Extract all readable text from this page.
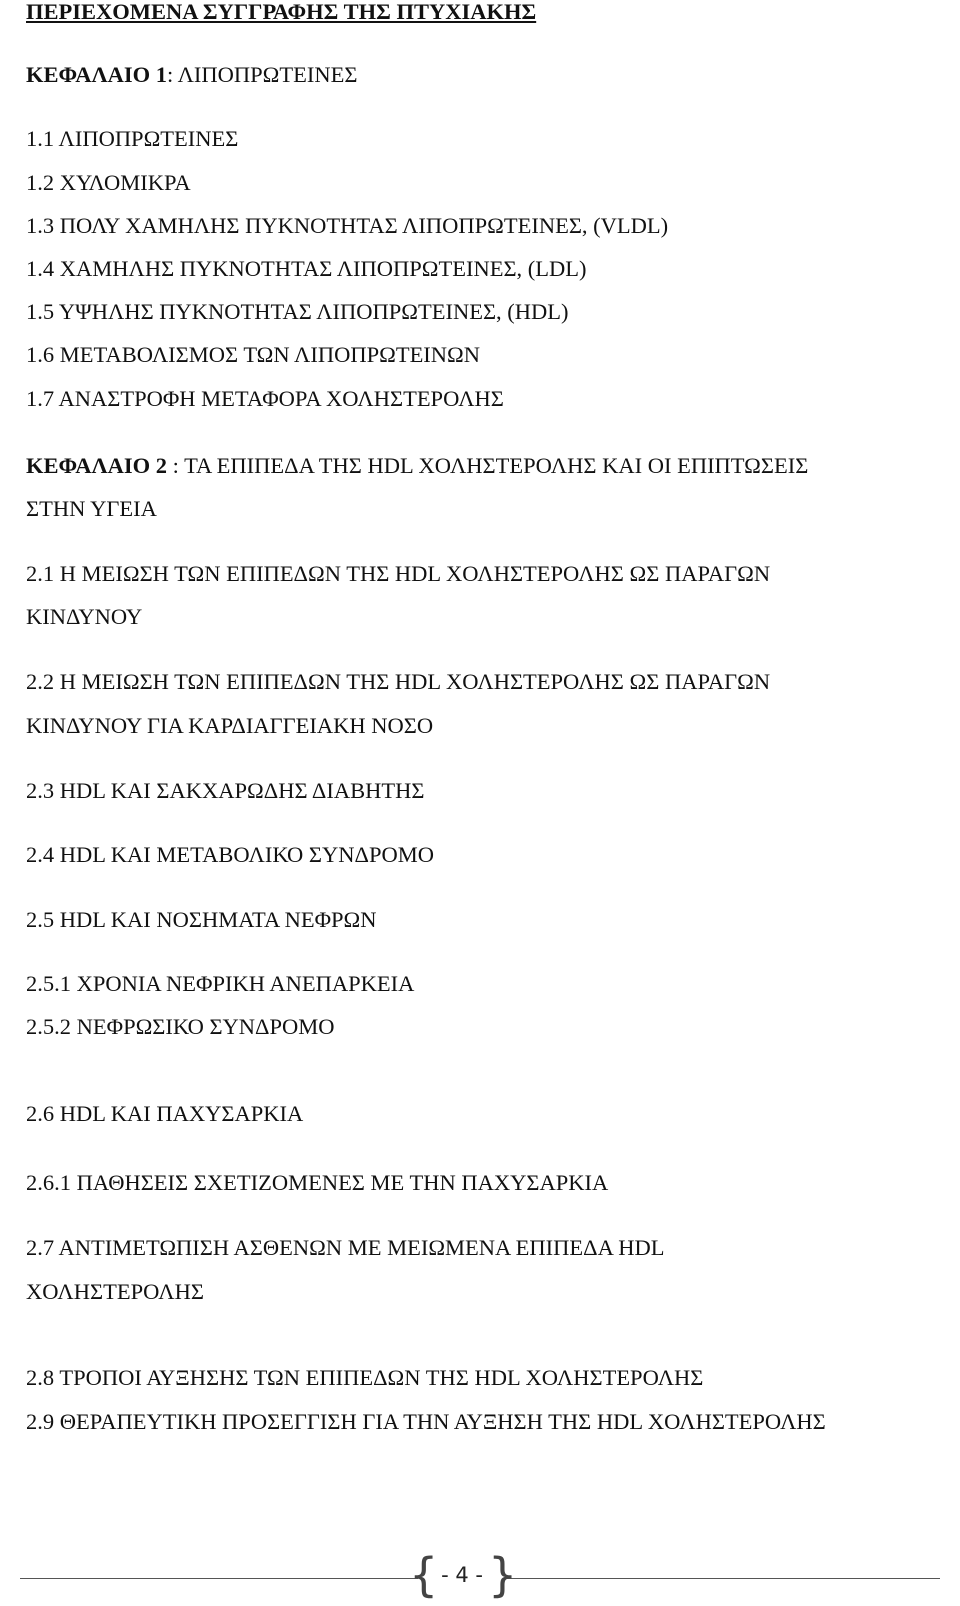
ΠΕΡΙΕΧΟΜΕΝΑ ΣΥΓΓΡΑΦΗΣ ΤΗΣ ΠΤΥΧΙΑΚΗΣ

ΚΕΦΑΛΑΙΟ 1: ΛΙΠΟΠΡΩΤΕΙΝΕΣ

1.1 ΛΙΠΟΠΡΩΤΕΙΝΕΣ

1.2 ΧΥΛΟΜΙΚΡΑ

1.3 ΠΟΛΥ ΧΑΜΗΛΗΣ ΠΥΚΝΟΤΗΤΑΣ ΛΙΠΟΠΡΩΤΕΙΝΕΣ, (VLDL)

1.4 ΧΑΜΗΛΗΣ ΠΥΚΝΟΤΗΤΑΣ ΛΙΠΟΠΡΩΤΕΙΝΕΣ, (LDL)

1.5 ΥΨΗΛΗΣ ΠΥΚΝΟΤΗΤΑΣ ΛΙΠΟΠΡΩΤΕΙΝΕΣ, (HDL)

1.6 ΜΕΤΑΒΟΛΙΣΜΟΣ ΤΩΝ ΛΙΠΟΠΡΩΤΕΙΝΩΝ

1.7 ΑΝΑΣΤΡΟΦΗ ΜΕΤΑΦΟΡΑ ΧΟΛΗΣΤΕΡΟΛΗΣ

ΚΕΦΑΛΑΙΟ 2 : ΤΑ ΕΠΙΠΕΔΑ ΤΗΣ HDL ΧΟΛΗΣΤΕΡΟΛΗΣ ΚΑΙ ΟΙ ΕΠΙΠΤΩΣΕΙΣ

ΣΤΗΝ ΥΓΕΙΑ

2.1 Η ΜΕΙΩΣΗ ΤΩΝ ΕΠΙΠΕΔΩΝ ΤΗΣ HDL ΧΟΛΗΣΤΕΡΟΛΗΣ ΩΣ ΠΑΡΑΓΩΝ

ΚΙΝΔΥΝΟΥ

2.2 Η ΜΕΙΩΣΗ ΤΩΝ ΕΠΙΠΕΔΩΝ ΤΗΣ HDL ΧΟΛΗΣΤΕΡΟΛΗΣ ΩΣ ΠΑΡΑΓΩΝ

ΚΙΝΔΥΝΟΥ ΓΙΑ ΚΑΡΔΙΑΓΓΕΙΑΚΗ ΝΟΣΟ

2.3 HDL ΚΑΙ ΣΑΚΧΑΡΩΔΗΣ ΔΙΑΒΗΤΗΣ

2.4 HDL ΚΑΙ ΜΕΤΑΒΟΛΙΚΟ ΣΥΝΔΡΟΜΟ

2.5 HDL ΚΑΙ ΝΟΣΗΜΑΤΑ ΝΕΦΡΩΝ

2.5.1 ΧΡΟΝΙΑ ΝΕΦΡΙΚΗ ΑΝΕΠΑΡΚΕΙΑ

2.5.2 ΝΕΦΡΩΣΙΚΟ ΣΥΝΔΡΟΜΟ

2.6 HDL ΚΑΙ ΠΑΧΥΣΑΡΚΙΑ

2.6.1 ΠΑΘΗΣΕΙΣ ΣΧΕΤΙΖΟΜΕΝΕΣ ΜΕ ΤΗΝ ΠΑΧΥΣΑΡΚΙΑ

2.7 ΑΝΤΙΜΕΤΩΠΙΣΗ ΑΣΘΕΝΩΝ ΜΕ ΜΕΙΩΜΕΝΑ ΕΠΙΠΕΔΑ HDL

ΧΟΛΗΣΤΕΡΟΛΗΣ

2.8 ΤΡΟΠΟΙ ΑΥΞΗΣΗΣ ΤΩΝ ΕΠΙΠΕΔΩΝ ΤΗΣ HDL ΧΟΛΗΣΤΕΡΟΛΗΣ

2.9 ΘΕΡΑΠΕΥΤΙΚΗ ΠΡΟΣΕΓΓΙΣΗ ΓΙΑ ΤΗΝ ΑΥΞΗΣΗ ΤΗΣ HDL ΧΟΛΗΣΤΕΡΟΛΗΣ

{ - 4 - }
